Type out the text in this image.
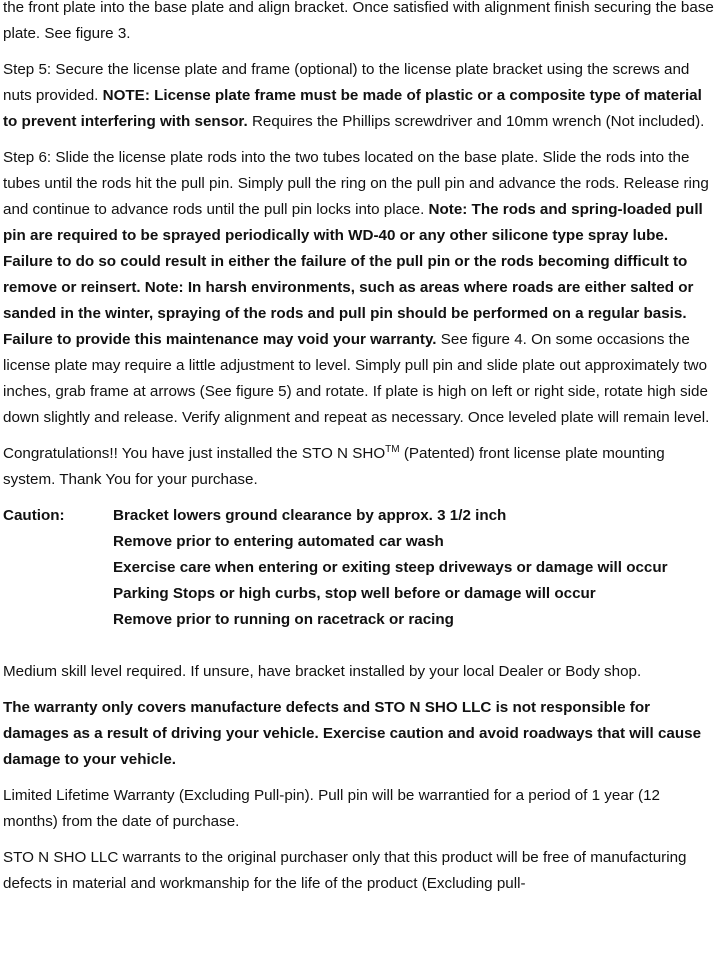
the front plate into the base plate and align bracket. Once satisfied with alignment finish securing the base plate. See figure 3.

Step 5: Secure the license plate and frame (optional) to the license plate bracket using the screws and nuts provided. NOTE: License plate frame must be made of plastic or a composite type of material to prevent interfering with sensor. Requires the Phillips screwdriver and 10mm wrench (Not included).

Step 6: Slide the license plate rods into the two tubes located on the base plate. Slide the rods into the tubes until the rods hit the pull pin. Simply pull the ring on the pull pin and advance the rods. Release ring and continue to advance rods until the pull pin locks into place. Note: The rods and spring-loaded pull pin are required to be sprayed periodically with WD-40 or any other silicone type spray lube. Failure to do so could result in either the failure of the pull pin or the rods becoming difficult to remove or reinsert. Note: In harsh environments, such as areas where roads are either salted or sanded in the winter, spraying of the rods and pull pin should be performed on a regular basis. Failure to provide this maintenance may void your warranty. See figure 4. On some occasions the license plate may require a little adjustment to level. Simply pull pin and slide plate out approximately two inches, grab frame at arrows (See figure 5) and rotate. If plate is high on left or right side, rotate high side down slightly and release. Verify alignment and repeat as necessary. Once leveled plate will remain level.

Congratulations!! You have just installed the STO N SHO™ (Patented) front license plate mounting system. Thank You for your purchase.

Caution:	Bracket lowers ground clearance by approx. 3 1/2 inch
Remove prior to entering automated car wash
Exercise care when entering or exiting steep driveways or damage will occur
Parking Stops or high curbs, stop well before or damage will occur
Remove prior to running on racetrack or racing

Medium skill level required. If unsure, have bracket installed by your local Dealer or Body shop.

The warranty only covers manufacture defects and STO N SHO LLC is not responsible for damages as a result of driving your vehicle. Exercise caution and avoid roadways that will cause damage to your vehicle.

Limited Lifetime Warranty (Excluding Pull-pin). Pull pin will be warrantied for a period of 1 year (12 months) from the date of purchase.

STO N SHO LLC warrants to the original purchaser only that this product will be free of manufacturing defects in material and workmanship for the life of the product (Excluding pull-
